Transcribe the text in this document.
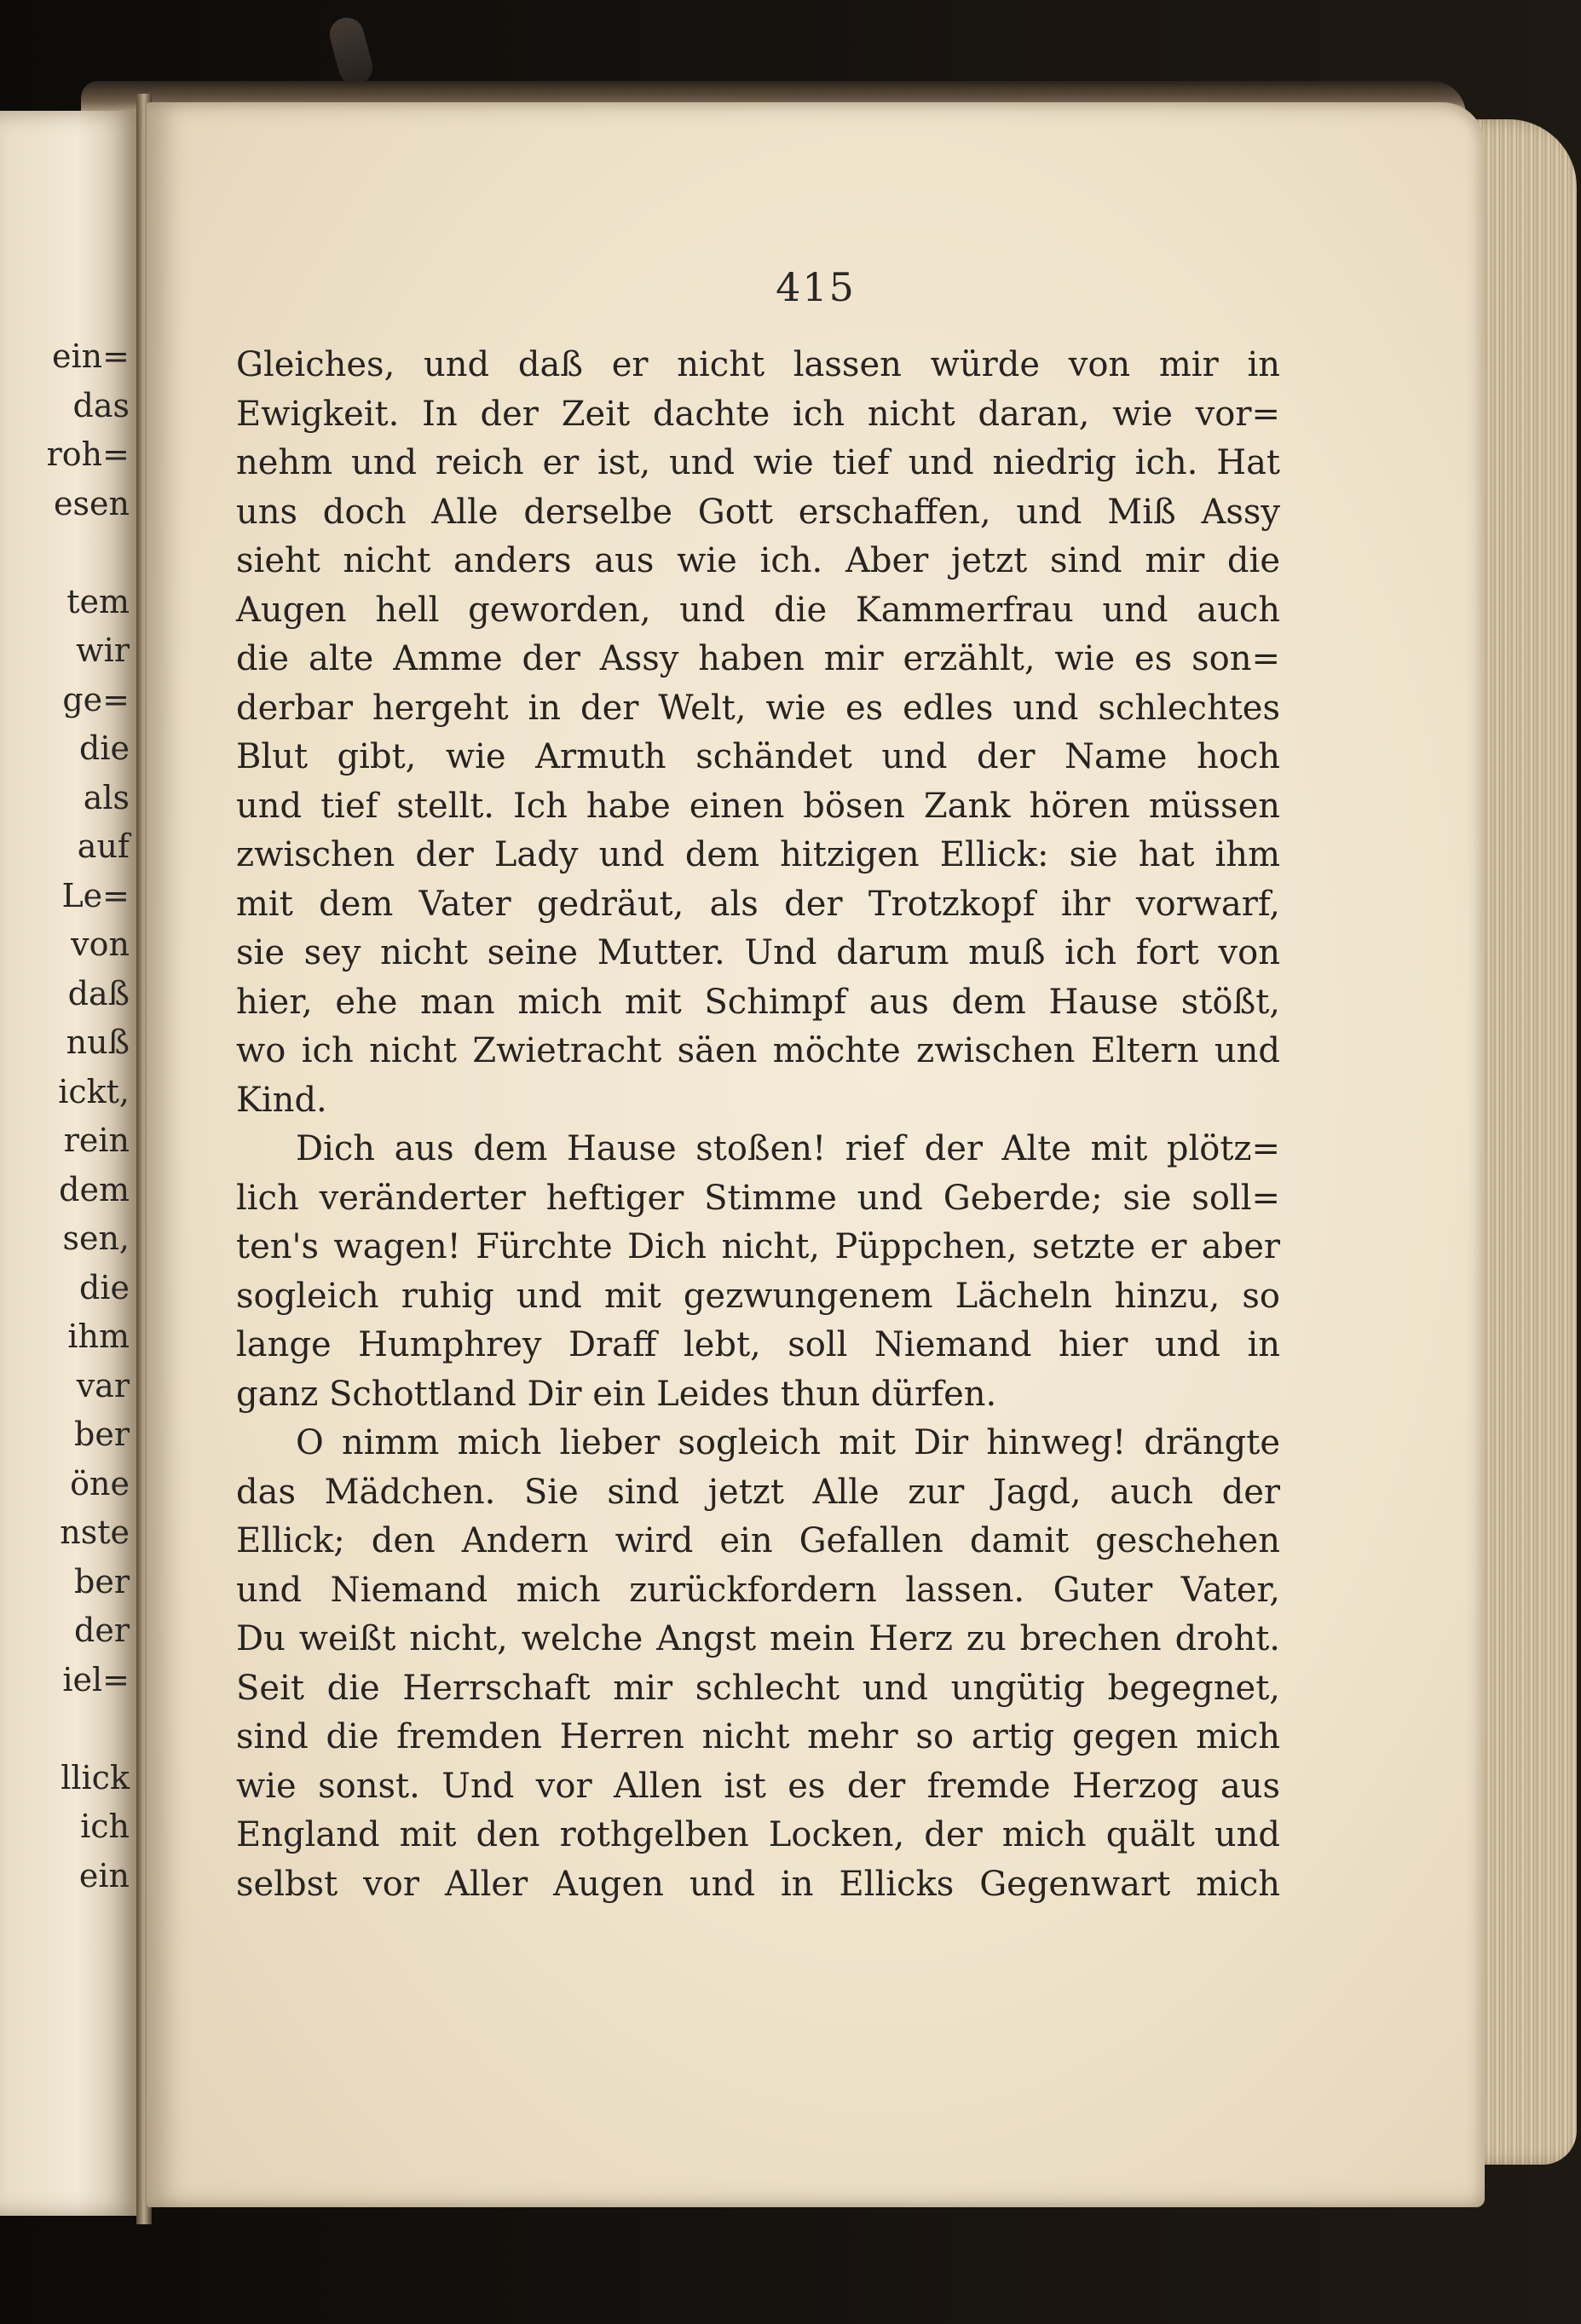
ein=
das
roh=
esen
tem
wir
ge=
die
als
auf
Le=
von
daß
nuß
ickt,
rein
dem
sen,
die
ihm
var
ber
öne
nste
ber
der
iel=
llick
ich
ein
415
Gleiches, und daß er nicht lassen würde von mir in
Ewigkeit. In der Zeit dachte ich nicht daran, wie vor=
nehm und reich er ist, und wie tief und niedrig ich. Hat
uns doch Alle derselbe Gott erschaffen, und Miß Assy
sieht nicht anders aus wie ich. Aber jetzt sind mir die
Augen hell geworden, und die Kammerfrau und auch
die alte Amme der Assy haben mir erzählt, wie es son=
derbar hergeht in der Welt, wie es edles und schlechtes
Blut gibt, wie Armuth schändet und der Name hoch
und tief stellt. Ich habe einen bösen Zank hören müssen
zwischen der Lady und dem hitzigen Ellick: sie hat ihm
mit dem Vater gedräut, als der Trotzkopf ihr vorwarf,
sie sey nicht seine Mutter. Und darum muß ich fort von
hier, ehe man mich mit Schimpf aus dem Hause stößt,
wo ich nicht Zwietracht säen möchte zwischen Eltern und
Kind.
Dich aus dem Hause stoßen! rief der Alte mit plötz=
lich veränderter heftiger Stimme und Geberde; sie soll=
ten's wagen! Fürchte Dich nicht, Püppchen, setzte er aber
sogleich ruhig und mit gezwungenem Lächeln hinzu, so
lange Humphrey Draff lebt, soll Niemand hier und in
ganz Schottland Dir ein Leides thun dürfen.
O nimm mich lieber sogleich mit Dir hinweg! drängte
das Mädchen. Sie sind jetzt Alle zur Jagd, auch der
Ellick; den Andern wird ein Gefallen damit geschehen
und Niemand mich zurückfordern lassen. Guter Vater,
Du weißt nicht, welche Angst mein Herz zu brechen droht.
Seit die Herrschaft mir schlecht und ungütig begegnet,
sind die fremden Herren nicht mehr so artig gegen mich
wie sonst. Und vor Allen ist es der fremde Herzog aus
England mit den rothgelben Locken, der mich quält und
selbst vor Aller Augen und in Ellicks Gegenwart mich
